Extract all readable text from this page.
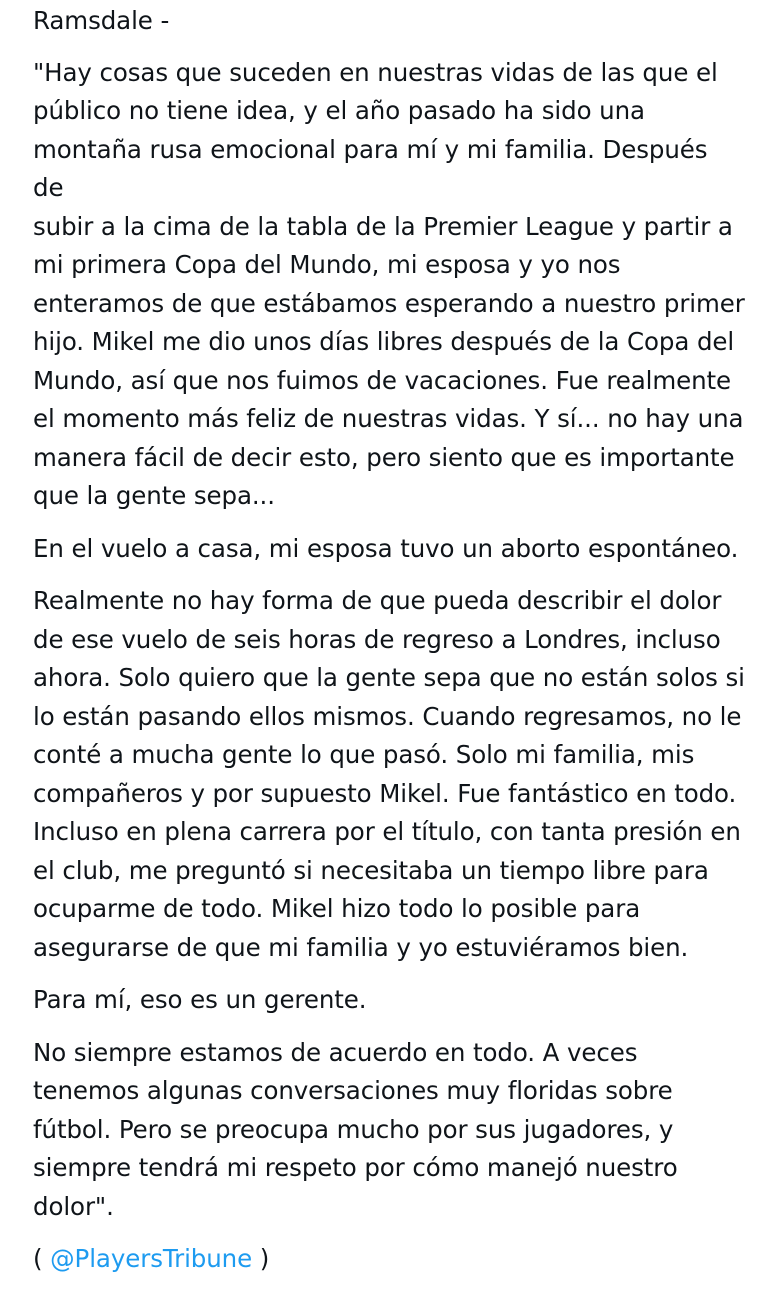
Ramsdale -

"Hay cosas que suceden en nuestras vidas de las que el
público no tiene idea, y el año pasado ha sido una
montaña rusa emocional para mí y mi familia. Después de
subir a la cima de la tabla de la Premier League y partir a
mi primera Copa del Mundo, mi esposa y yo nos
enteramos de que estábamos esperando a nuestro primer
hijo. Mikel me dio unos días libres después de la Copa del
Mundo, así que nos fuimos de vacaciones. Fue realmente
el momento más feliz de nuestras vidas. Y sí... no hay una
manera fácil de decir esto, pero siento que es importante
que la gente sepa...

En el vuelo a casa, mi esposa tuvo un aborto espontáneo.

Realmente no hay forma de que pueda describir el dolor
de ese vuelo de seis horas de regreso a Londres, incluso
ahora. Solo quiero que la gente sepa que no están solos si
lo están pasando ellos mismos. Cuando regresamos, no le
conté a mucha gente lo que pasó. Solo mi familia, mis
compañeros y por supuesto Mikel. Fue fantástico en todo.
Incluso en plena carrera por el título, con tanta presión en
el club, me preguntó si necesitaba un tiempo libre para
ocuparme de todo. Mikel hizo todo lo posible para
asegurarse de que mi familia y yo estuviéramos bien.

Para mí, eso es un gerente.

No siempre estamos de acuerdo en todo. A veces
tenemos algunas conversaciones muy floridas sobre
fútbol. Pero se preocupa mucho por sus jugadores, y
siempre tendrá mi respeto por cómo manejó nuestro
dolor".

( @PlayersTribune )
